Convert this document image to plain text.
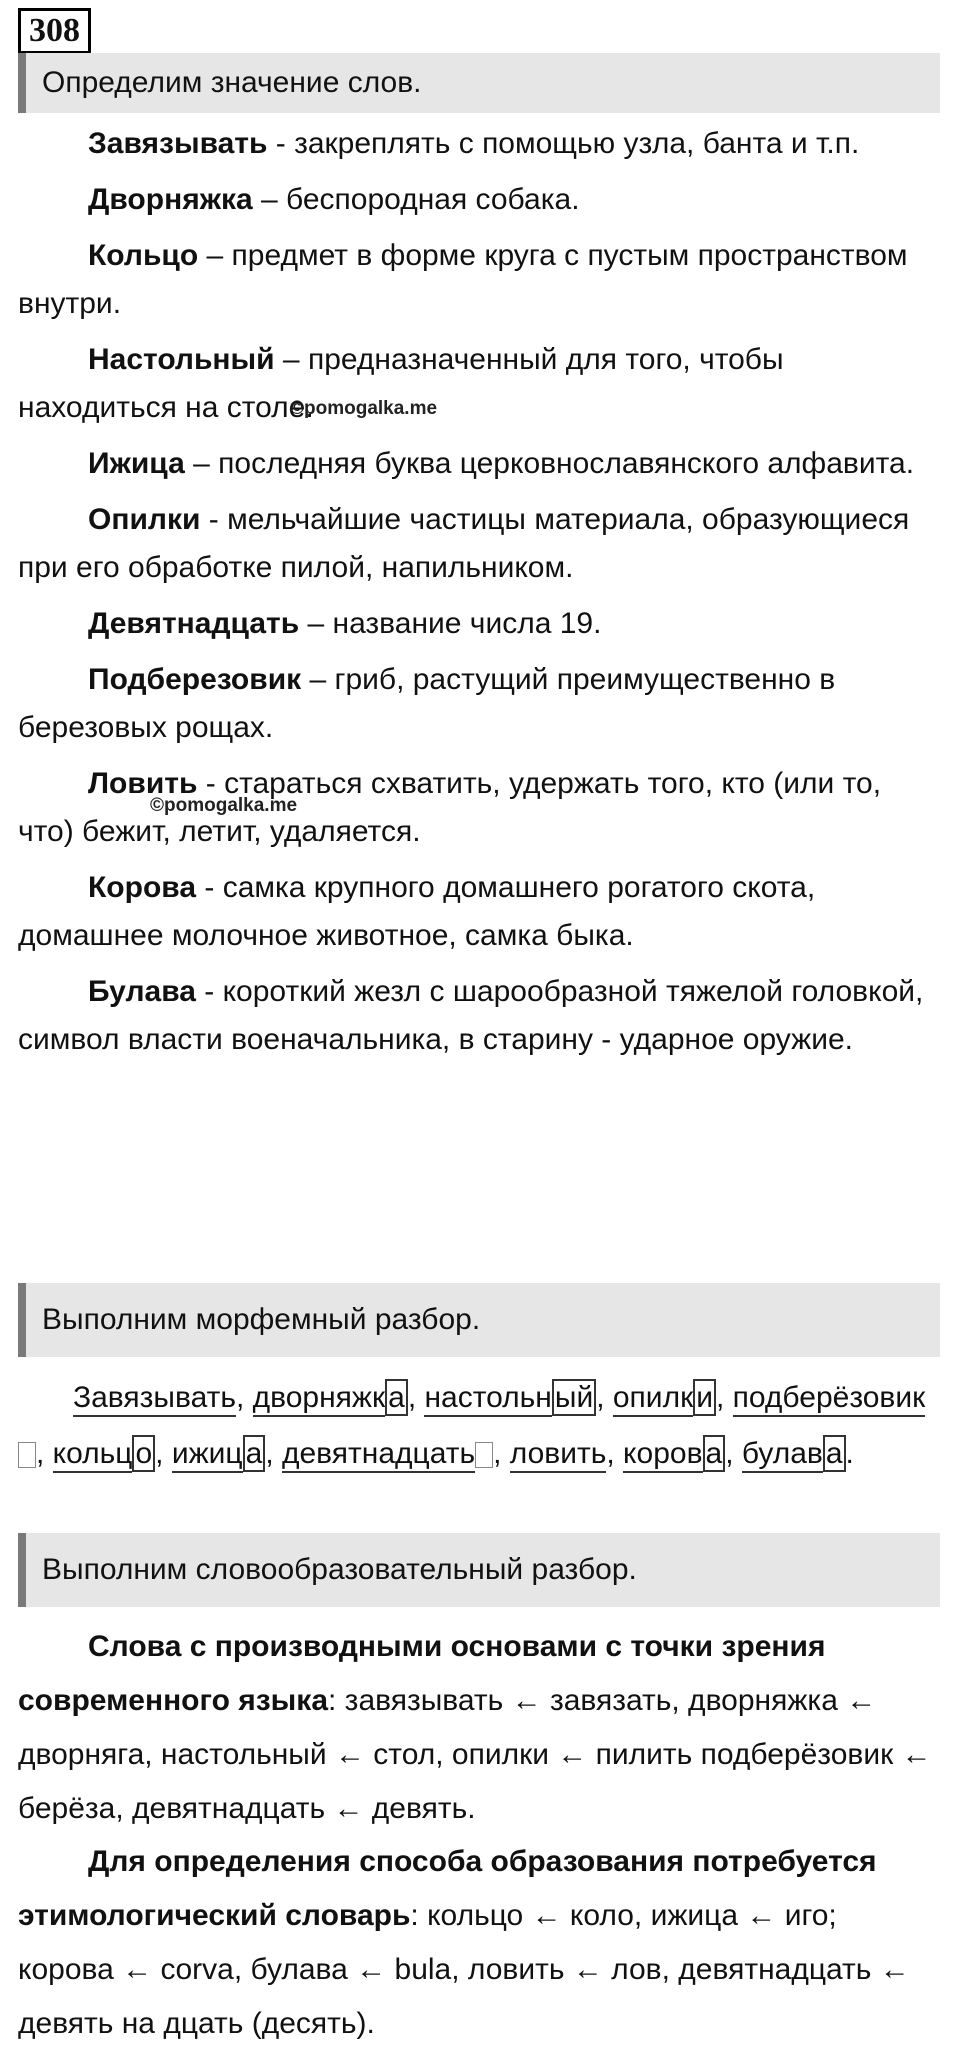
308
Определим значение слов.

Завязывать - закреплять с помощью узла, банта и т.п.

Дворняжка – беспородная собака.

Кольцо – предмет в форме круга с пустым пространством внутри.

Настольный – предназначенный для того, чтобы находиться на столе.

Ижица – последняя буква церковнославянского алфавита.

Опилки - мельчайшие частицы материала, образующиеся при его обработке пилой, напильником.

Девятнадцать – название числа 19.

Подберезовик – гриб, растущий преимущественно в березовых рощах.

Ловить - стараться схватить, удержать того, кто (или то, что) бежит, летит, удаляется.

Корова - самка крупного домашнего рогатого скота, домашнее молочное животное, самка быка.

Булава - короткий жезл с шарообразной тяжелой головкой, символ власти военачальника, в старину - ударное оружие.

©pomogalka.me
©pomogalka.me
Выполним морфемный разбор.
Завязывать, дворняжк а , настольн ый , опилк и , подберёзовик, кольц о , ижиц а , девятнадцать , ловить, коров а , булав а .
Выполним словообразовательный разбор.
Слова с производными основами с точки зрения современного языка: завязывать ← завязать, дворняжка ← дворняга, настольный ← стол, опилки ← пилить подберёзовик ← берёза, девятнадцать ← девять.
Для определения способа образования потребуется этимологический словарь: кольцо ← коло, ижица ← иго; корова ← corva, булава ← bula, ловить ← лов, девятнадцать ← девять на дцать (десять).
